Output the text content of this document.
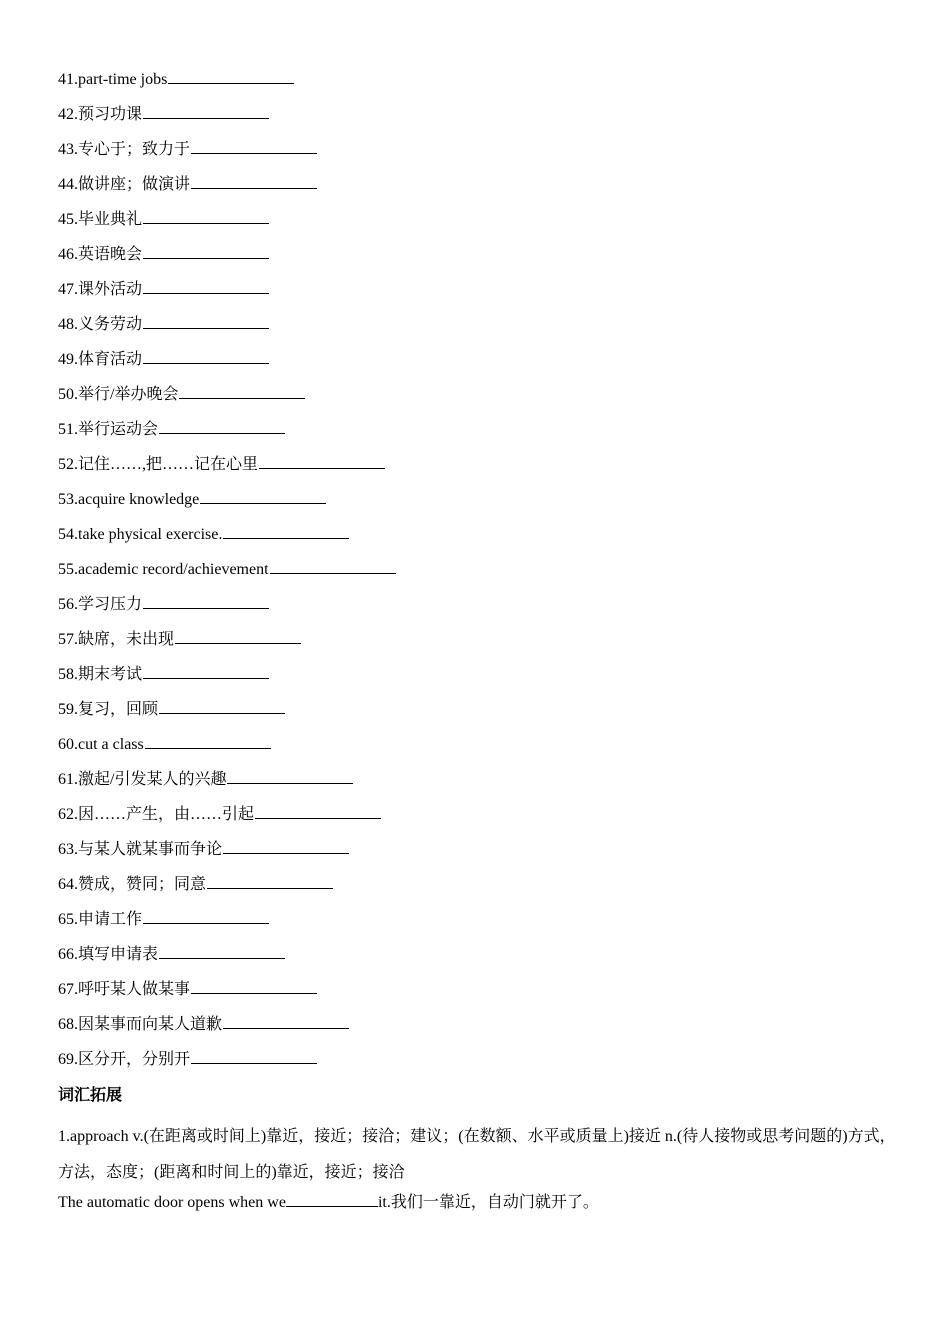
41.part-time jobs
42.预习功课
43.专心于；致力于
44.做讲座；做演讲
45.毕业典礼
46.英语晚会
47.课外活动
48.义务劳动
49.体育活动
50.举行/举办晚会
51.举行运动会
52.记住……,把……记在心里
53.acquire knowledge
54.take physical exercise.
55.academic record/achievement
56.学习压力
57.缺席，未出现
58.期末考试
59.复习，回顾
60.cut a class
61.激起/引发某人的兴趣
62.因……产生，由……引起
63.与某人就某事而争论
64.赞成，赞同；同意
65.申请工作
66.填写申请表
67.呼吁某人做某事
68.因某事而向某人道歉
69.区分开，分别开
词汇拓展

1.approach v.(在距离或时间上)靠近，接近；接洽；建议；(在数额、水平或质量上)接近 n.(待人接物或思考问题的)方式，方法，态度；(距离和时间上的)靠近，接近；接洽

The automatic door opens when we	it.我们一靠近，自动门就开了。
